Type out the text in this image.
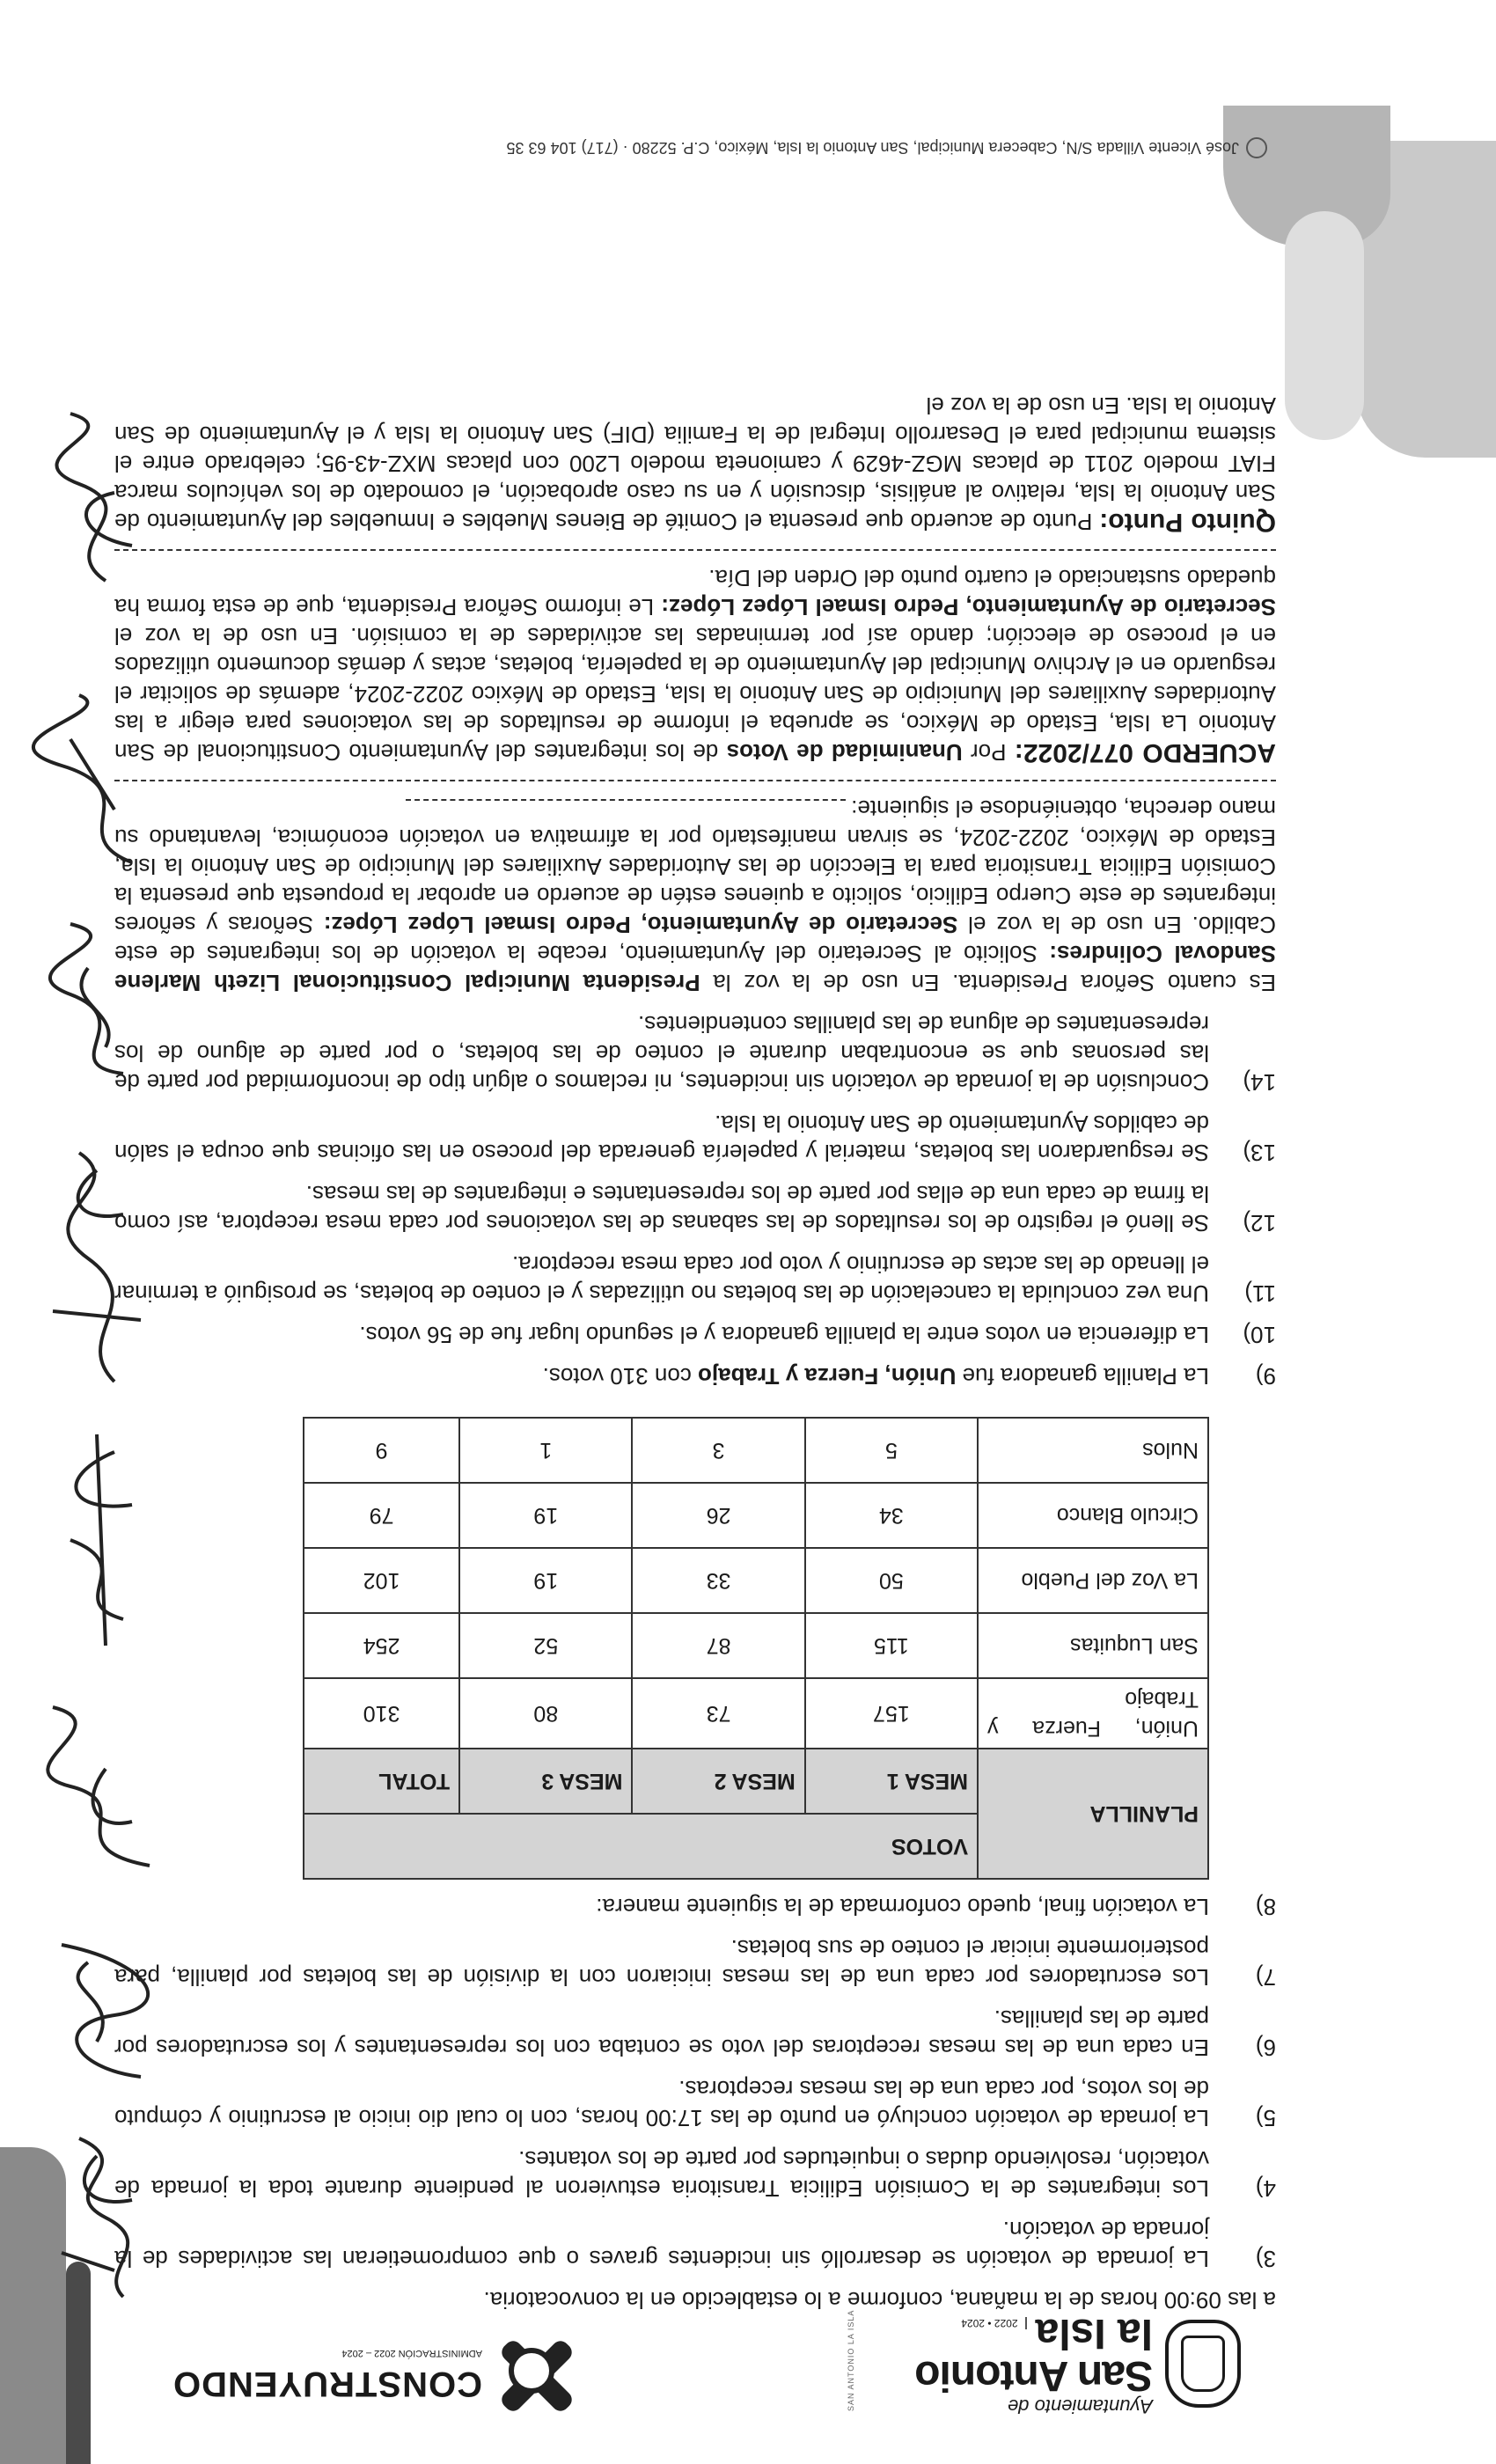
Ayuntamiento de
San Antonio
la Isla2022 • 2024
SAN ANTONIO LA ISLA
CONSTRUYENDO
ADMINISTRACIÓN 2022 – 2024

a las 09:00 horas de la mañana, conforme a lo establecido en la convocatoria.

3)
La jornada de votación se desarrolló sin incidentes graves o que comprometieran las actividades de la jornada de votación.
4)
Los integrantes de la Comisión Edilicia Transitoria estuvieron al pendiente durante toda la jornada de votación, resolviendo dudas o inquietudes por parte de los votantes.
5)
La jornada de votación concluyó en punto de las 17:00 horas, con lo cual dio inicio al escrutinio y cómputo de los votos, por cada una de las mesas receptoras.
6)
En cada una de las mesas receptoras del voto se contaba con los representantes y los escrutadores por parte de las planillas.
7)
Los escrutadores por cada una de las mesas iniciaron con la división de las boletas por planilla, para posteriormente iniciar el conteo de sus boletas.
8)
La votación final, quedo conformada de la siguiente manera:
PLANILLA	VOTOS			
	MESA 1	MESA 2	MESA 3	TOTAL
Unión, Fuerza y Trabajo	157	73	80	310
San Luquitas	115	87	52	254
La Voz del Pueblo	50	33	19	102
Circulo Blanco	34	26	19	79
Nulos	5	3	1	9
9)
La Planilla ganadora fue Unión, Fuerza y Trabajo con 310 votos.
10)
La diferencia en votos entre la planilla ganadora y el segundo lugar fue de 56 votos.
11)
Una vez concluida la cancelación de las boletas no utilizadas y el conteo de boletas, se prosiguió a terminar el llenado de las actas de escrutinio y voto por cada mesa receptora.
12)
Se llenó el registro de los resultados de las sabanas de las votaciones por cada mesa receptora, así como la firma de cada una de ellas por parte de los representantes e integrantes de las mesas.
13)
Se resguardaron las boletas, material y papelería generada del proceso en las oficinas que ocupa el salón de cabildos Ayuntamiento de San Antonio la Isla.
14)
Conclusión de la jornada de votación sin incidentes, ni reclamos o algún tipo de inconformidad por parte de las personas que se encontraban durante el conteo de las boletas, o por parte de alguno de los representantes de alguna de las planillas contendientes.

Es cuanto Señora Presidenta. En uso de la voz la Presidenta Municipal Constitucional Lizeth Marlene Sandoval Colindres: Solicito al Secretario del Ayuntamiento, recabe la votación de los integrantes de este Cabildo. En uso de la voz el Secretario de Ayuntamiento, Pedro Ismael López López: Señoras y señores integrantes de este Cuerpo Edilicio, solicito a quienes estén de acuerdo en aprobar la propuesta que presenta la Comisión Edilicia Transitoria para la Elección de las Autoridades Auxiliares del Municipio de San Antonio la Isla, Estado de México, 2022-2024, se sirvan manifestarlo por la afirmativa en votación económica, levantando su mano derecha, obteniéndose el siguiente:

ACUERDO 077/2022: Por Unanimidad de Votos de los integrantes del Ayuntamiento Constitucional de San Antonio La Isla, Estado de México, se aprueba el informe de resultados de las votaciones para elegir a las Autoridades Auxiliares del Municipio de San Antonio la Isla, Estado de México 2022-2024, además de solicitar el resguardo en el Archivo Municipal del Ayuntamiento de la papelería, boletas, actas y demás documento utilizados en el proceso de elección; dando así por terminadas las actividades de la comisión. En uso de la voz el Secretario de Ayuntamiento, Pedro Ismael López López: Le informo Señora Presidenta, que de esta forma ha quedado sustanciado el cuarto punto del Orden del Día.

Quinto Punto: Punto de acuerdo que presenta el Comité de Bienes Muebles e Inmuebles del Ayuntamiento de San Antonio la Isla, relativo al análisis, discusión y en su caso aprobación, el comodato de los vehículos marca FIAT modelo 2011 de placas MGZ-4629 y camioneta modelo L200 con placas MXZ-43-95; celebrado entre el sistema municipal para el Desarrollo Integral de la Familia (DIF) San Antonio la Isla y el Ayuntamiento de San Antonio la Isla. En uso de la voz el

José Vicente Villada S/N, Cabecera Municipal, San Antonio la Isla, México, C.P. 52280 · (717) 104 63 35
